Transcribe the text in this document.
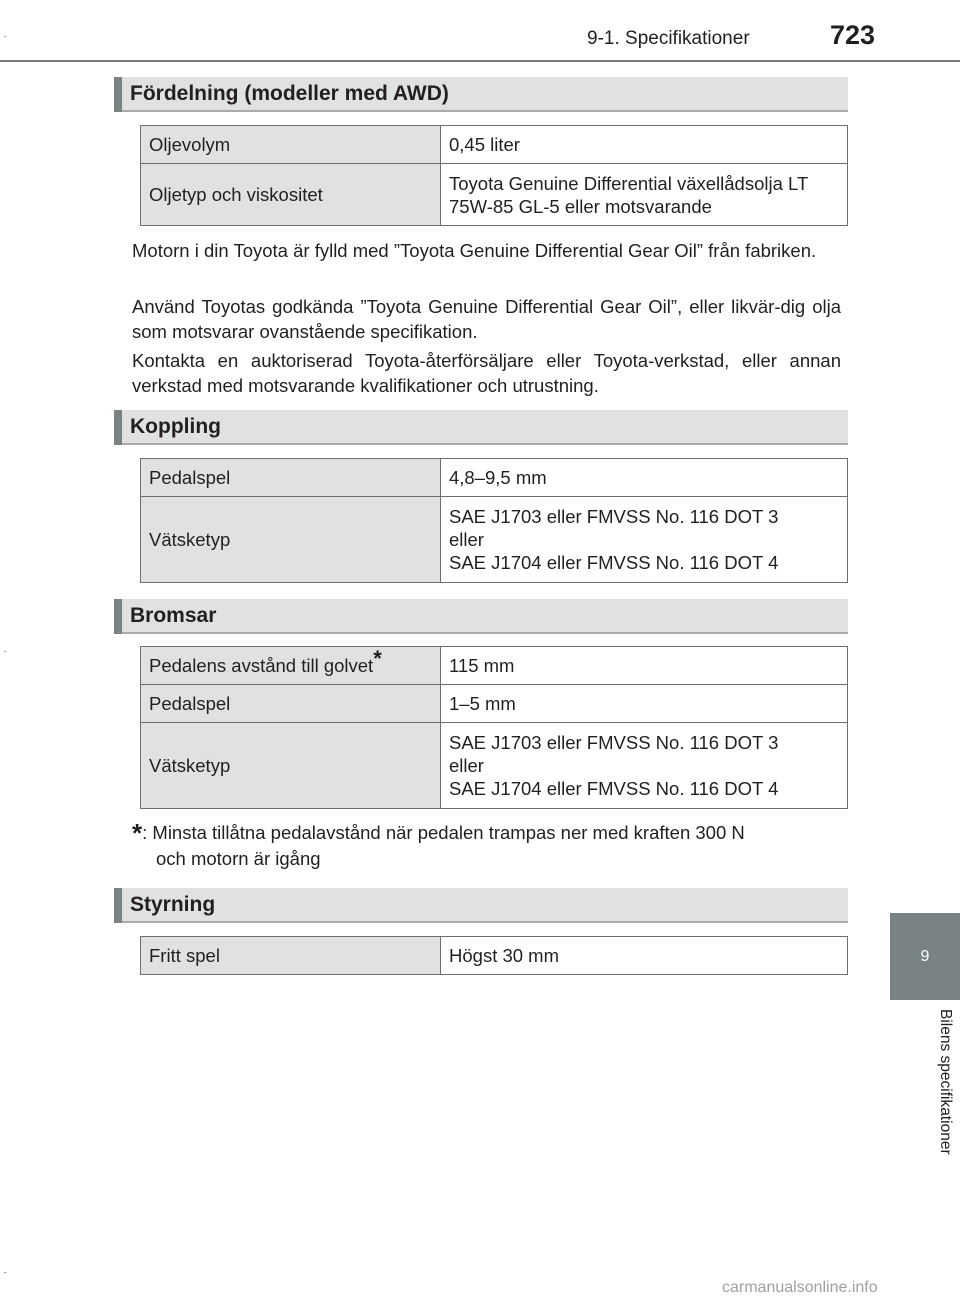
9-1. Specifikationer	723
9
Bilens specifikationer
Fördelning (modeller med AWD)
Oljevolym	0,45 liter
Oljetyp och viskositet	Toyota Genuine Differential växellådsolja LT
75W-85 GL-5 eller motsvarande

Motorn i din Toyota är fylld med ”Toyota Genuine Differential Gear Oil” från fabriken.

Använd Toyotas godkända ”Toyota Genuine Differential Gear Oil”, eller likvär-dig olja som motsvarar ovanstående specifikation.

Kontakta en auktoriserad Toyota-återförsäljare eller Toyota-verkstad, eller annan verkstad med motsvarande kvalifikationer och utrustning.

Koppling
Pedalspel	4,8–9,5 mm
Vätsketyp	SAE J1703 eller FMVSS No. 116 DOT 3
eller
SAE J1704 eller FMVSS No. 116 DOT 4
Bromsar
Pedalens avstånd till golvet*	115 mm
Pedalspel	1–5 mm
Vätsketyp	SAE J1703 eller FMVSS No. 116 DOT 3
eller
SAE J1704 eller FMVSS No. 116 DOT 4
*: Minsta tillåtna pedalavstånd när pedalen trampas ner med kraften 300 N
och motorn är igång
Styrning
Fritt spel	Högst 30 mm
carmanualsonline.info
